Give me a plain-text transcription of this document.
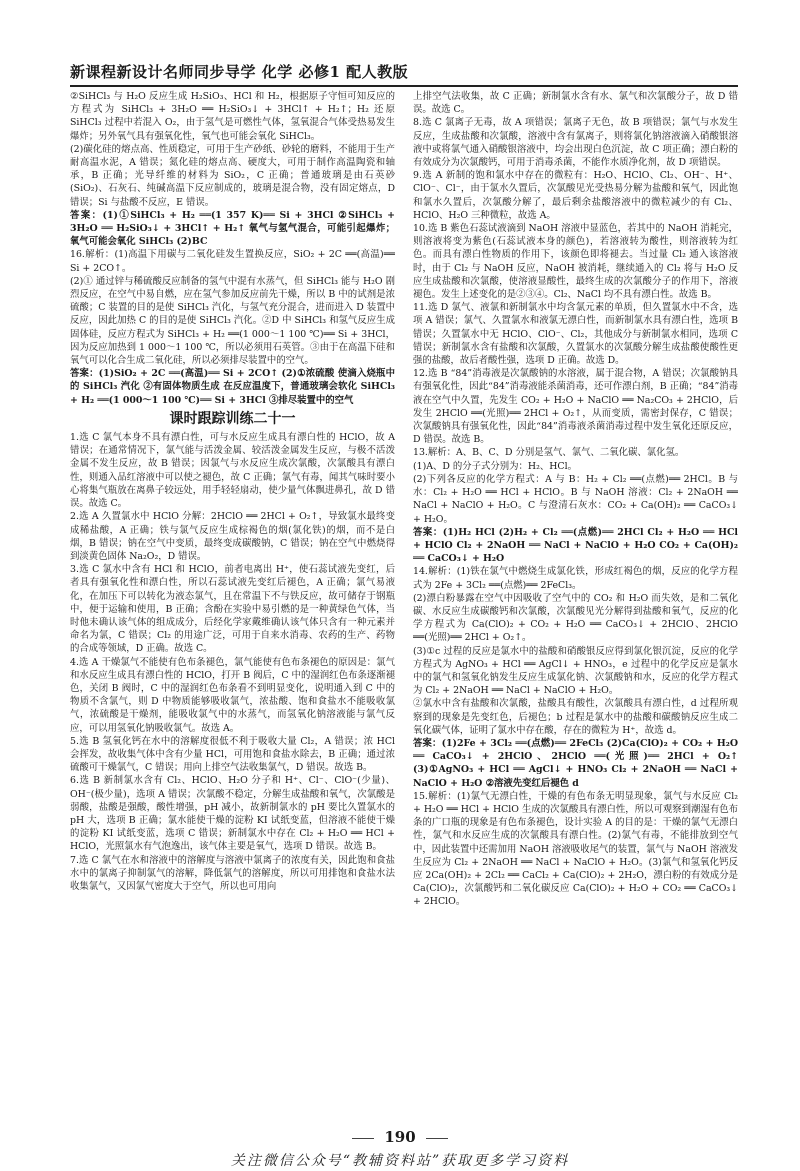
新课程新设计名师同步导学 化学 必修1 配人教版

②SiHCl₃ 与 H₂O 反应生成 H₂SiO₃、HCl 和 H₂，根据原子守恒可知反应的方程式为 SiHCl₃ + 3H₂O ══ H₂SiO₃↓ + 3HCl↑ + H₂↑；H₂ 还原 SiHCl₃ 过程中若混入 O₂，由于氢气是可燃性气体，氢氧混合气体受热易发生爆炸；另外氧气具有强氧化性，氧气也可能会氧化 SiHCl₃。

(2)碳化硅的熔点高、性质稳定，可用于生产砂纸、砂轮的磨料，不能用于生产耐高温水泥，A 错误；氮化硅的熔点高、硬度大，可用于制作高温陶瓷和轴承，B 正确；光导纤维的材料为 SiO₂，C 正确；普通玻璃是由石英砂(SiO₂)、石灰石、纯碱高温下反应制成的，玻璃是混合物，没有固定熔点，D 错误；Si 与盐酸不反应，E 错误。

答案：(1)①SiHCl₃ + H₂ ══(1 357 K)══ Si + 3HCl ②SiHCl₃ + 3H₂O ══ H₂SiO₃↓ + 3HCl↑ + H₂↑ 氧气与氢气混合，可能引起爆炸；氧气可能会氧化 SiHCl₃ (2)BC

16.解析：(1)高温下用碳与二氧化硅发生置换反应，SiO₂ + 2C ══(高温)══ Si + 2CO↑。

(2)① 通过锌与稀硫酸反应制备的氢气中混有水蒸气，但 SiHCl₃ 能与 H₂O 剧烈反应，在空气中易自燃，应在氢气参加反应前先干燥，所以 B 中的试剂是浓硫酸；C 装置的目的是使 SiHCl₃ 汽化，与氢气充分混合，进而进入 D 装置中反应，因此加热 C 的目的是使 SiHCl₃ 汽化。②D 中 SiHCl₃ 和氢气反应生成固体硅，反应方程式为 SiHCl₃ + H₂ ══(1 000～1 100 ℃)══ Si + 3HCl，因为反应加热到 1 000～1 100 ℃，所以必须用石英管。③由于在高温下硅和氧气可以化合生成二氧化硅，所以必须排尽装置中的空气。

答案：(1)SiO₂ + 2C ══(高温)══ Si + 2CO↑ (2)①浓硫酸 使滴入烧瓶中的 SiHCl₃ 汽化 ②有固体物质生成 在反应温度下，普通玻璃会软化 SiHCl₃ + H₂ ══(1 000～1 100 ℃)══ Si + 3HCl ③排尽装置中的空气

课时跟踪训练二十一

1.选 C 氯气本身不具有漂白性，可与水反应生成具有漂白性的 HClO，故 A 错误；在通常情况下，氯气能与活泼金属、较活泼金属发生反应，与极不活泼金属不发生反应，故 B 错误；因氯气与水反应生成次氯酸，次氯酸具有漂白性，则通入品红溶液中可以使之褪色，故 C 正确；氯气有毒，闻其气味时要小心将集气瓶放在离鼻子较远处，用手轻轻扇动，使少量气体飘进鼻孔，故 D 错误。故选 C。

2.选 A 久置氯水中 HClO 分解：2HClO ══ 2HCl + O₂↑，导致氯水最终变成稀盐酸，A 正确；铁与氯气反应生成棕褐色的烟(氯化铁)的烟，而不是白烟，B 错误；钠在空气中变质，最终变成碳酸钠，C 错误；钠在空气中燃烧得到淡黄色固体 Na₂O₂，D 错误。

3.选 C 氯水中含有 HCl 和 HClO，前者电离出 H⁺，使石蕊试液先变红，后者具有强氧化性和漂白性，所以石蕊试液先变红后褪色，A 正确；氯气易液化，在加压下可以转化为液态氯气，且在常温下不与铁反应，故可储存于钢瓶中，便于运输和使用，B 正确；含酚在实验中易引燃的是一种黄绿色气体，当时他未确认该气体的组成成分，后经化学家戴维确认该气体只含有一种元素并命名为氯，C 错误；Cl₂ 的用途广泛，可用于自来水消毒、农药的生产、药物的合成等领域，D 正确。故选 C。

4.选 A 干燥氯气不能使有色布条褪色，氯气能使有色布条褪色的原因是：氯气和水反应生成具有漂白性的 HClO，打开 B 阀后，C 中的湿润红色布条逐渐褪色，关闭 B 阀时，C 中的湿润红色布条看不到明显变化，说明通入到 C 中的物质不含氯气，则 D 中物质能够吸收氯气，浓盐酸、饱和食盐水不能吸收氯气，浓硫酸是干燥剂，能吸收氯气中的水蒸气，而氢氧化钠溶液能与氯气反应，可以用氢氧化钠吸收氯气。故选 A。

5.选 B 氢氧化钙在水中的溶解度很低不利于吸收大量 Cl₂，A 错误；浓 HCl 会挥发，故收集气体中含有少量 HCl，可用饱和食盐水除去，B 正确；通过浓硫酸可干燥氯气，C 错误；用向上排空气法收集氯气，D 错误。故选 B。

6.选 B 新制氯水含有 Cl₂、HClO、H₂O 分子和 H⁺、Cl⁻、ClO⁻(少量)、OH⁻(极少量)，选项 A 错误；次氯酸不稳定，分解生成盐酸和氧气，次氯酸是弱酸，盐酸是强酸，酸性增强，pH 减小，故新制氯水的 pH 要比久置氯水的 pH 大，选项 B 正确；氯水能使干燥的淀粉 KI 试纸变蓝，但溶液不能使干燥的淀粉 KI 试纸变蓝，选项 C 错误；新制氯水中存在 Cl₂ + H₂O ══ HCl + HClO，光照氯水有气泡逸出，该气体主要是氧气，选项 D 错误。故选 B。

7.选 C 氯气在水和溶液中的溶解度与溶液中氯离子的浓度有关，因此饱和食盐水中的氯离子抑制氯气的溶解，降低氯气的溶解度，所以可用排饱和食盐水法收集氯气，又因氯气密度大于空气，所以也可用向

上排空气法收集，故 C 正确；新制氯水含有水、氯气和次氯酸分子，故 D 错误。故选 C。

8.选 C 氯离子无毒，故 A 项错误；氯离子无色，故 B 项错误；氯气与水发生反应，生成盐酸和次氯酸，溶液中含有氯离子，则将氯化钠溶液滴入硝酸银溶液中或将氯气通入硝酸银溶液中，均会出现白色沉淀，故 C 项正确；漂白粉的有效成分为次氯酸钙，可用于消毒杀菌，不能作水质净化剂，故 D 项错误。

9.选 A 新制的饱和氯水中存在的微粒有：H₂O、HClO、Cl₂、OH⁻、H⁺、ClO⁻、Cl⁻，由于氯水久置后，次氯酸见光受热易分解为盐酸和氧气，因此饱和氯水久置后，次氯酸分解了，最后剩余盐酸溶液中的微粒减少的有 Cl₂、HClO、H₂O 三种微粒，故选 A。

10.选 B 紫色石蕊试液滴到 NaOH 溶液中显蓝色，若其中的 NaOH 消耗完，则溶液将变为紫色(石蕊试液本身的颜色)，若溶液转为酸性，则溶液转为红色。而具有漂白性物质的作用下，该颜色即将褪去。当过量 Cl₂ 通入该溶液时，由于 Cl₂ 与 NaOH 反应，NaOH 被消耗，继续通入的 Cl₂ 将与 H₂O 反应生成盐酸和次氯酸，使溶液显酸性，最终生成的次氯酸分子的作用下，溶液褪色。发生上述变化的是②③④。Cl₂、NaCl 均不具有漂白性。故选 B。

11.选 D 氯气、液氯和新制氯水中均含氯元素的单质，但久置氯水中不含，选项 A 错误；氯气、久置氯水和液氯无漂白性，而新制氯水具有漂白性，选项 B 错误；久置氯水中无 HClO、ClO⁻、Cl₂，其他成分与新制氯水相同，选项 C 错误；新制氯水含有盐酸和次氯酸，久置氯水的次氯酸分解生成盐酸使酸性更强的盐酸，故后者酸性强，选项 D 正确。故选 D。

12.选 B “84”消毒液是次氯酸钠的水溶液，属于混合物，A 错误；次氯酸钠具有强氧化性，因此“84”消毒液能杀菌消毒，还可作漂白剂，B 正确；“84”消毒液在空气中久置，先发生 CO₂ + H₂O + NaClO ══ Na₂CO₃ + 2HClO，后发生 2HClO ══(光照)══ 2HCl + O₂↑，从而变质，需密封保存，C 错误；次氯酸钠具有强氧化性，因此“84”消毒液杀菌消毒过程中发生氧化还原反应，D 错误。故选 B。

13.解析：A、B、C、D 分别是氢气、氯气、二氧化碳、氯化氢。

(1)A、D 的分子式分别为：H₂、HCl。

(2)下列各反应的化学方程式：A 与 B：H₂ + Cl₂ ══(点燃)══ 2HCl。B 与水：Cl₂ + H₂O ══ HCl + HClO。B 与 NaOH 溶液：Cl₂ + 2NaOH ══ NaCl + NaClO + H₂O。C 与澄清石灰水：CO₂ + Ca(OH)₂ ══ CaCO₃↓ + H₂O。

答案：(1)H₂ HCl (2)H₂ + Cl₂ ══(点燃)══ 2HCl Cl₂ + H₂O ══ HCl + HClO Cl₂ + 2NaOH ══ NaCl + NaClO + H₂O CO₂ + Ca(OH)₂ ══ CaCO₃↓ + H₂O

14.解析：(1)铁在氯气中燃烧生成氯化铁，形成红褐色的烟，反应的化学方程式为 2Fe + 3Cl₂ ══(点燃)══ 2FeCl₃。

(2)漂白粉暴露在空气中因吸收了空气中的 CO₂ 和 H₂O 而失效，是和二氧化碳、水反应生成碳酸钙和次氯酸，次氯酸见光分解得到盐酸和氧气，反应的化学方程式为 Ca(ClO)₂ + CO₂ + H₂O ══ CaCO₃↓ + 2HClO、2HClO ══(光照)══ 2HCl + O₂↑。

(3)①c 过程的反应是氯水中的盐酸和硝酸银反应得到氯化银沉淀，反应的化学方程式为 AgNO₃ + HCl ══ AgCl↓ + HNO₃，e 过程中的化学反应是氯水中的氯气和氢氧化钠发生反应生成氯化钠、次氯酸钠和水，反应的化学方程式为 Cl₂ + 2NaOH ══ NaCl + NaClO + H₂O。

②氯水中含有盐酸和次氯酸，盐酸具有酸性，次氯酸具有漂白性，d 过程所观察到的现象是先变红色，后褪色；b 过程是氯水中的盐酸和碳酸钠反应生成二氧化碳气体，证明了氯水中存在酸，存在的微粒为 H⁺，故选 d。

答案：(1)2Fe + 3Cl₂ ══(点燃)══ 2FeCl₃ (2)Ca(ClO)₂ + CO₂ + H₂O ══ CaCO₃↓ + 2HClO、2HClO ══(光照)══ 2HCl + O₂↑ (3)①AgNO₃ + HCl ══ AgCl↓ + HNO₃ Cl₂ + 2NaOH ══ NaCl + NaClO + H₂O ②溶液先变红后褪色 d

15.解析：(1)氯气无漂白性，干燥的有色布条无明显现象，氯气与水反应 Cl₂ + H₂O ══ HCl + HClO 生成的次氯酸具有漂白性，所以可观察到潮湿有色布条的广口瓶的现象是有色布条褪色，设计实验 A 的目的是：干燥的氯气无漂白性，氯气和水反应生成的次氯酸具有漂白性。(2)氯气有毒，不能排放到空气中，因此装置中还需加用 NaOH 溶液吸收尾气的装置，氯气与 NaOH 溶液发生反应为 Cl₂ + 2NaOH ══ NaCl + NaClO + H₂O。(3)氯气和氢氧化钙反应 2Ca(OH)₂ + 2Cl₂ ══ CaCl₂ + Ca(ClO)₂ + 2H₂O，漂白粉的有效成分是 Ca(ClO)₂，次氯酸钙和二氧化碳反应 Ca(ClO)₂ + H₂O + CO₂ ══ CaCO₃↓ + 2HClO。

190
关注微信公众号“教辅资料站”获取更多学习资料
